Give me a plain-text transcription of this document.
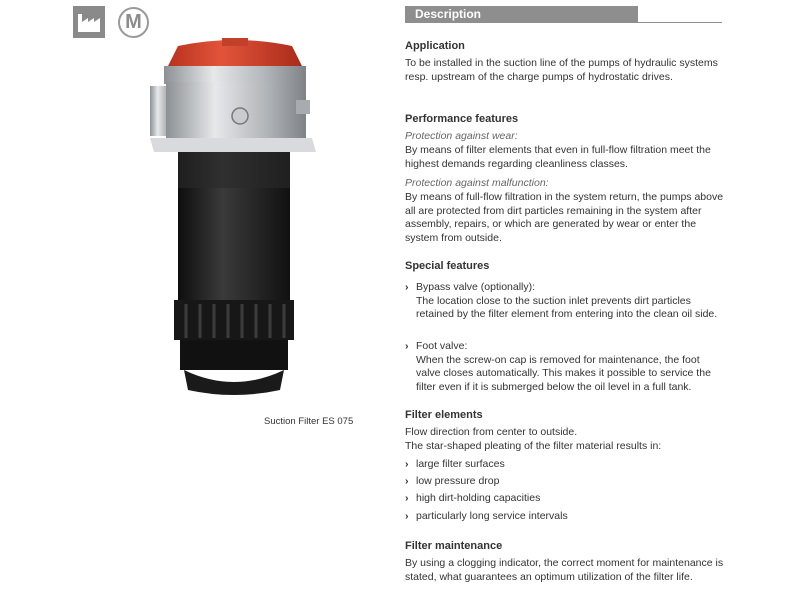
M
Suction Filter ES 075
Description
Application
To be installed in the suction line of the pumps of hydraulic systems resp. upstream of the charge pumps of hydrostatic drives.
Performance features
Protection against wear:
By means of filter elements that even in full-flow filtration meet the highest demands regarding cleanliness classes.
Protection against malfunction:
By means of full-flow filtration in the system return, the pumps above all are protected from dirt particles remaining in the system after assembly, repairs, or which are generated by wear or enter the system from outside.
Special features
› Bypass valve (optionally):
The location close to the suction inlet prevents dirt particles retained by the filter element from entering into the clean oil side.
› Foot valve:
When the screw-on cap is removed for maintenance, the foot valve closes automatically. This makes it possible to service the filter even if it is submerged below the oil level in a full tank.
Filter elements
Flow direction from center to outside.
The star-shaped pleating of the filter material results in:
› large filter surfaces
› low pressure drop
› high dirt-holding capacities
› particularly long service intervals
Filter maintenance
By using a clogging indicator, the correct moment for maintenance is stated, what guarantees an optimum utilization of the filter life.
